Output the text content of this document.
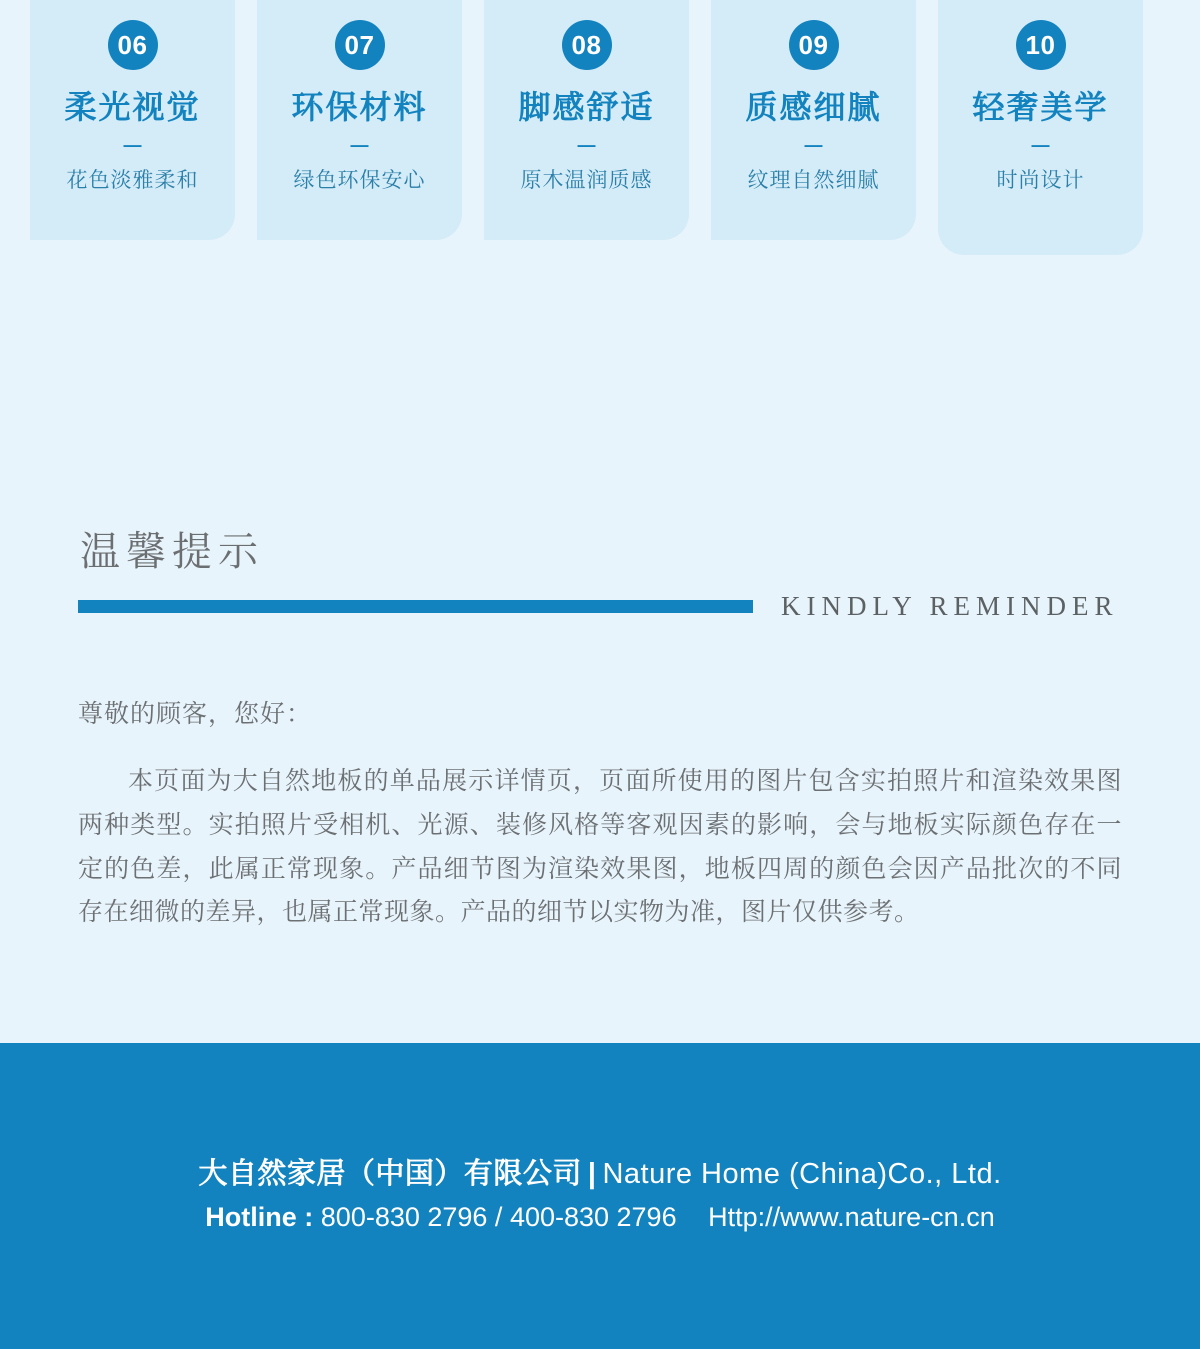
06
柔光视觉
—
花色淡雅柔和
07
环保材料
—
绿色环保安心
08
脚感舒适
—
原木温润质感
09
质感细腻
—
纹理自然细腻
10
轻奢美学
—
时尚设计
温馨提示
KINDLY REMINDER

尊敬的顾客，您好：

本页面为大自然地板的单品展示详情页，页面所使用的图片包含实拍照片和渲染效果图两种类型。实拍照片受相机、光源、装修风格等客观因素的影响，会与地板实际颜色存在一定的色差，此属正常现象。产品细节图为渲染效果图，地板四周的颜色会因产品批次的不同存在细微的差异，也属正常现象。产品的细节以实物为准，图片仅供参考。

大自然家居（中国）有限公司 | Nature Home (China)Co., Ltd.
Hotline : 800-830 2796 / 400-830 2796 Http://www.nature-cn.cn
